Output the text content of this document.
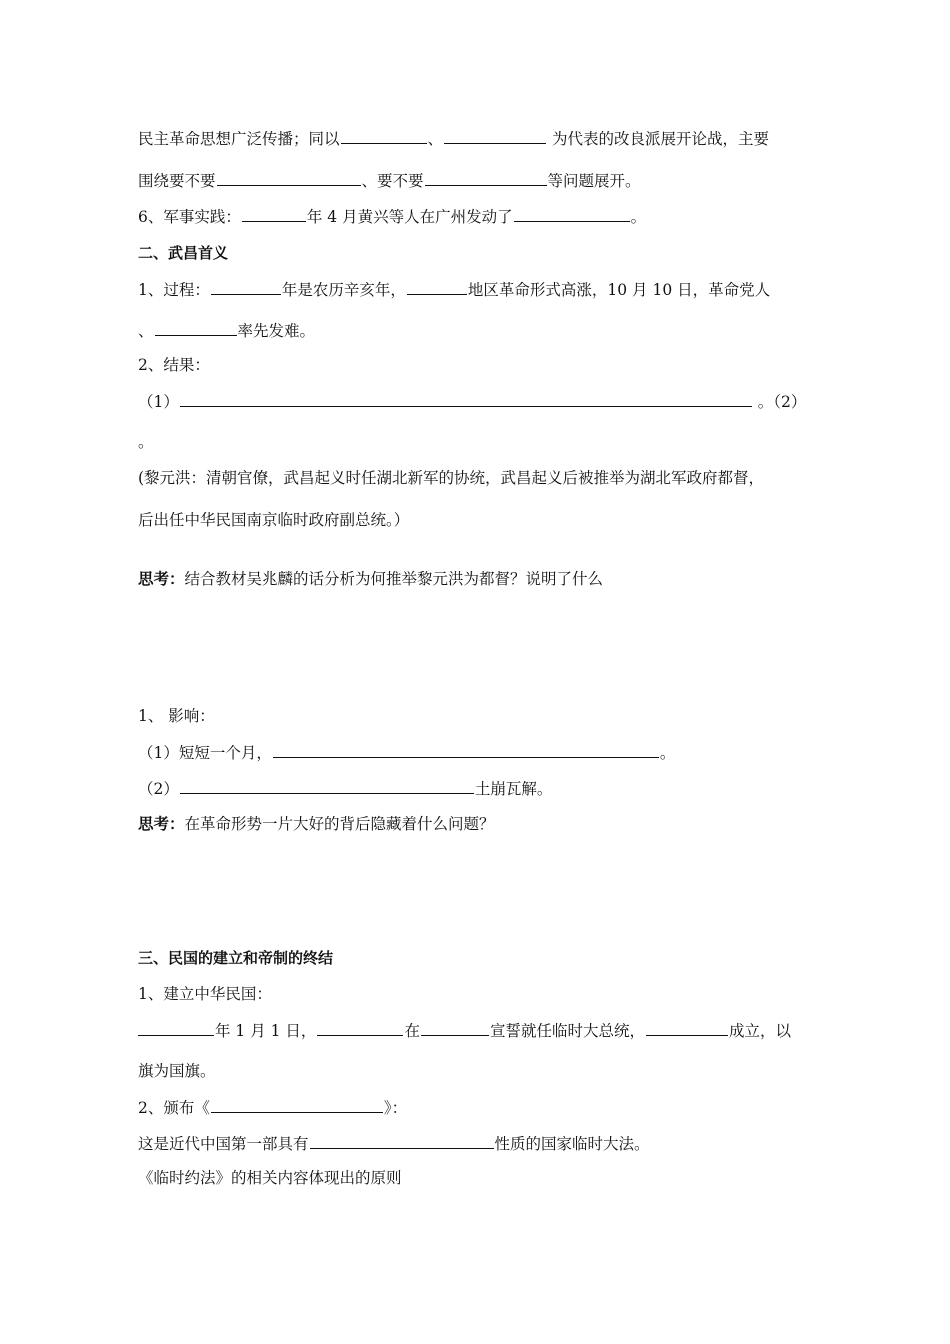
民主革命思想广泛传播；同以	、	为代表的改良派展开论战，主要
围绕要不要	、要不要	等问题展开。
6、军事实践：	年 4 月黄兴等人在广州发动了	。
二、武昌首义
1、过程：	年是农历辛亥年，	地区革命形式高涨，10 月 10 日，革命党人
、	率先发难。
2、结果：
（1）	。（2）
。
(黎元洪：清朝官僚，武昌起义时任湖北新军的协统，武昌起义后被推举为湖北军政府都督，
后出任中华民国南京临时政府副总统。）
思考：结合教材吴兆麟的话分析为何推举黎元洪为都督？说明了什么
1、 影响：
（1）短短一个月，	。
（2）	土崩瓦解。
思考：在革命形势一片大好的背后隐藏着什么问题？
三、民国的建立和帝制的终结
1、建立中华民国：
年 1 月 1 日，	在	宣誓就任临时大总统，	成立，以
旗为国旗。
2、颁布《	》：
这是近代中国第一部具有	性质的国家临时大法。
《临时约法》的相关内容体现出的原则
